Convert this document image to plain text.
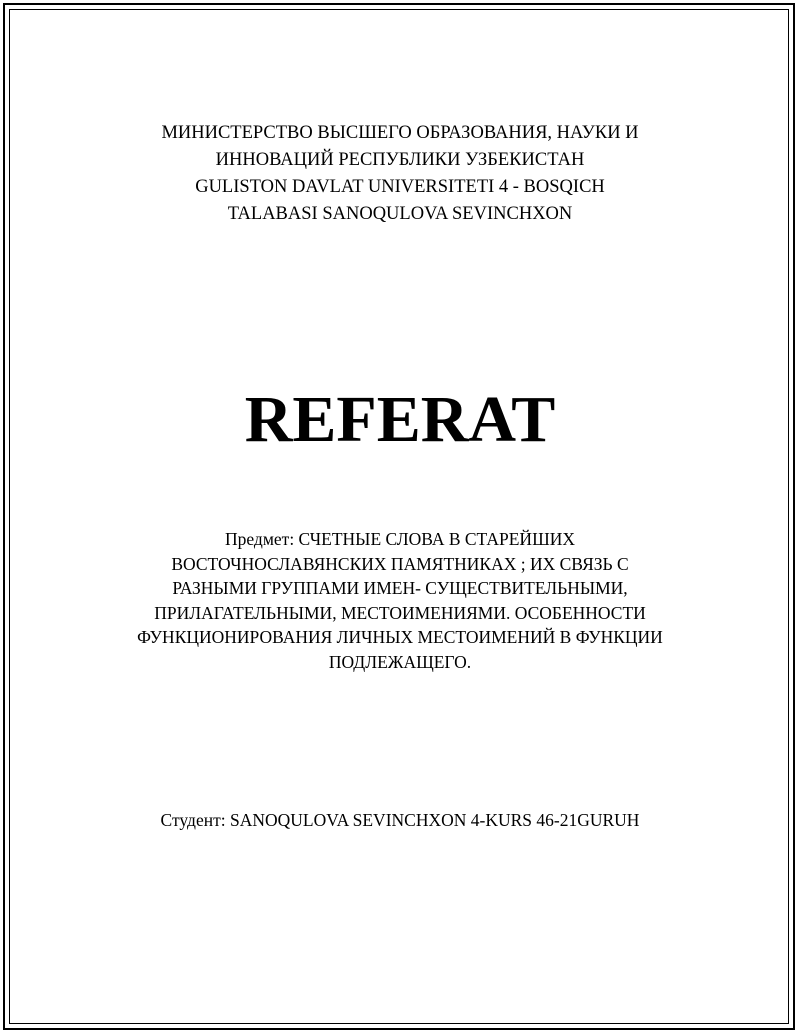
МИНИСТЕРСТВО ВЫСШЕГО ОБРАЗОВАНИЯ, НАУКИ И
ИННОВАЦИЙ РЕСПУБЛИКИ УЗБЕКИСТАН
GULISTON DAVLAT UNIVERSITETI 4 - BOSQICH
TALABASI SANOQULOVA SEVINCHXON
REFERAT
Предмет: СЧЕТНЫЕ СЛОВА В СТАРЕЙШИХ
ВОСТОЧНОСЛАВЯНСКИХ ПАМЯТНИКАХ ; ИХ СВЯЗЬ С
РАЗНЫМИ ГРУППАМИ ИМЕН- СУЩЕСТВИТЕЛЬНЫМИ,
ПРИЛАГАТЕЛЬНЫМИ, МЕСТОИМЕНИЯМИ. ОСОБЕННОСТИ
ФУНКЦИОНИРОВАНИЯ ЛИЧНЫХ МЕСТОИМЕНИЙ В ФУНКЦИИ
ПОДЛЕЖАЩЕГО.
Студент: SANOQULOVA SEVINCHXON 4-KURS 46-21GURUH
